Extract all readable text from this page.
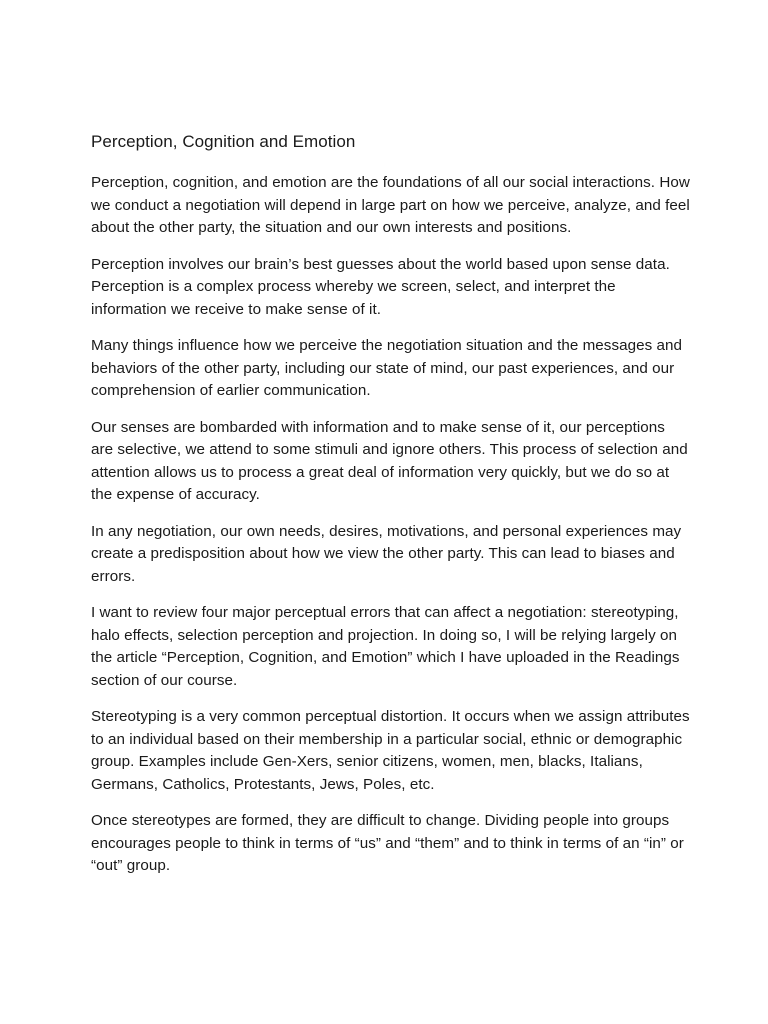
Perception, Cognition and Emotion

Perception, cognition, and emotion are the foundations of all our social interactions. How we conduct a negotiation will depend in large part on how we perceive, analyze, and feel about the other party, the situation and our own interests and positions.

Perception involves our brain’s best guesses about the world based upon sense data. Perception is a complex process whereby we screen, select, and interpret the information we receive to make sense of it.

Many things influence how we perceive the negotiation situation and the messages and behaviors of the other party, including our state of mind, our past experiences, and our comprehension of earlier communication.

Our senses are bombarded with information and to make sense of it, our perceptions are selective, we attend to some stimuli and ignore others. This process of selection and attention allows us to process a great deal of information very quickly, but we do so at the expense of accuracy.

In any negotiation, our own needs, desires, motivations, and personal experiences may create a predisposition about how we view the other party. This can lead to biases and errors.

I want to review four major perceptual errors that can affect a negotiation: stereotyping, halo effects, selection perception and projection. In doing so, I will be relying largely on the article “Perception, Cognition, and Emotion” which I have uploaded in the Readings section of our course.

Stereotyping is a very common perceptual distortion. It occurs when we assign attributes to an individual based on their membership in a particular social, ethnic or demographic group. Examples include Gen-Xers, senior citizens, women, men, blacks, Italians, Germans, Catholics, Protestants, Jews, Poles, etc.

Once stereotypes are formed, they are difficult to change. Dividing people into groups encourages people to think in terms of “us” and “them” and to think in terms of an “in” or “out” group.
